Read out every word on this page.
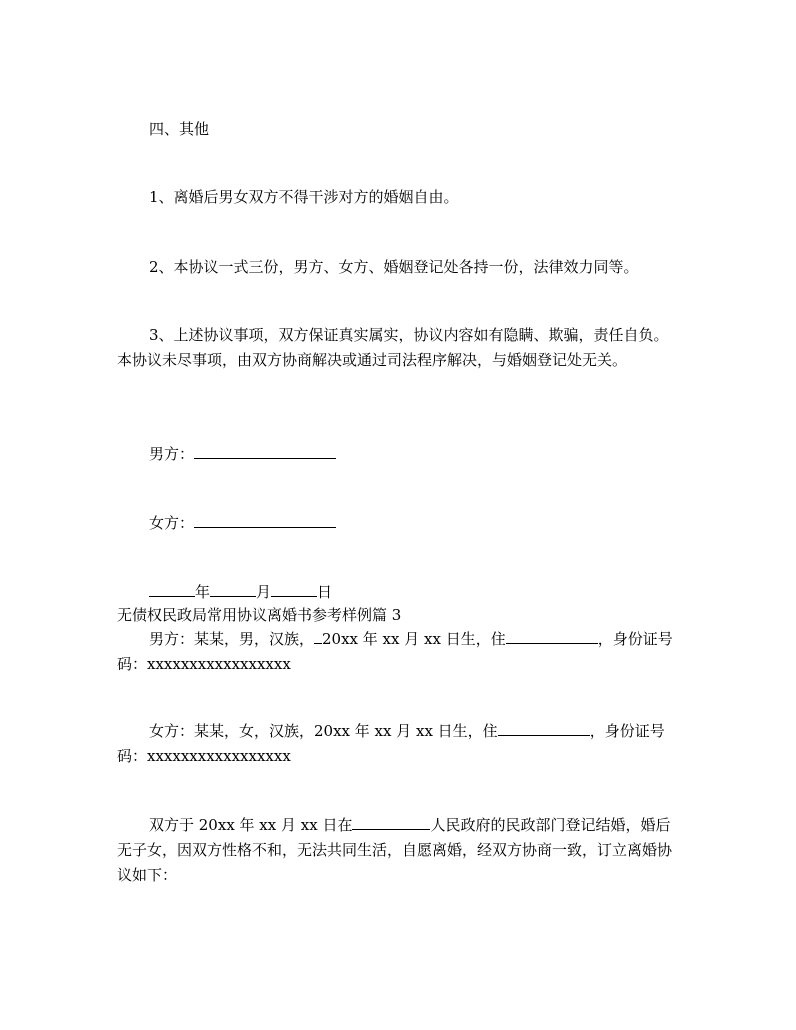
四、其他

1、离婚后男女双方不得干涉对方的婚姻自由。

2、本协议一式三份，男方、女方、婚姻登记处各持一份，法律效力同等。

3、上述协议事项，双方保证真实属实，协议内容如有隐瞒、欺骗，责任自负。本协议未尽事项，由双方协商解决或通过司法程序解决，与婚姻登记处无关。

男方：

女方：

年	月	日

无债权民政局常用协议离婚书参考样例篇 3

男方：某某，男，汉族， 20xx 年 xx 月 xx 日生，住	，身份证号码：xxxxxxxxxxxxxxxxx

女方：某某，女，汉族，20xx 年 xx 月 xx 日生，住	，身份证号码：xxxxxxxxxxxxxxxxx

双方于 20xx 年 xx 月 xx 日在	人民政府的民政部门登记结婚，婚后无子女，因双方性格不和，无法共同生活，自愿离婚，经双方协商一致，订立离婚协议如下：
